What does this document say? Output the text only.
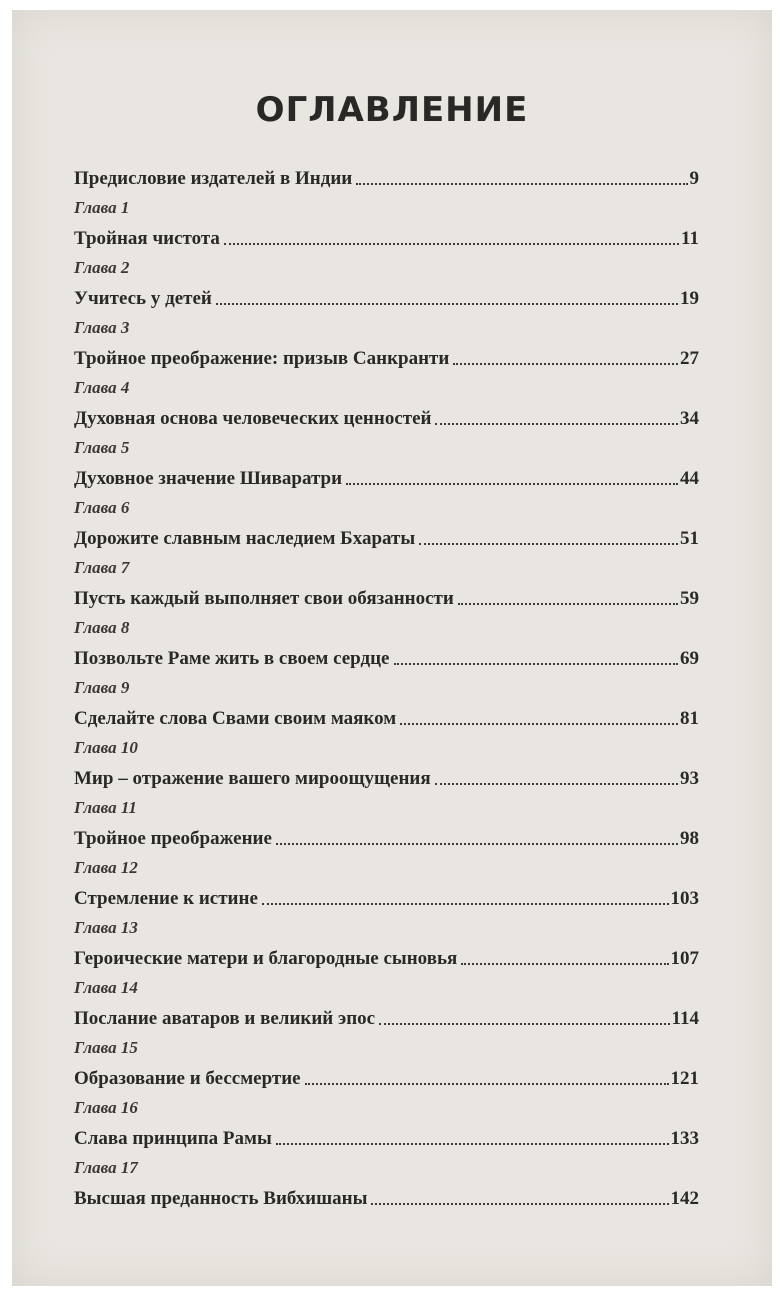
ОГЛАВЛЕНИЕ
Предисловие издателей в Индии	9
Глава 1
Тройная чистота	11
Глава 2
Учитесь у детей	19
Глава 3
Тройное преображение: призыв Санкранти	27
Глава 4
Духовная основа человеческих ценностей	34
Глава 5
Духовное значение Шиваратри	44
Глава 6
Дорожите славным наследием Бхараты	51
Глава 7
Пусть каждый выполняет свои обязанности	59
Глава 8
Позвольте Раме жить в своем сердце	69
Глава 9
Сделайте слова Свами своим маяком	81
Глава 10
Мир – отражение вашего мироощущения	93
Глава 11
Тройное преображение	98
Глава 12
Стремление к истине	103
Глава 13
Героические матери и благородные сыновья	107
Глава 14
Послание аватаров и великий эпос	114
Глава 15
Образование и бессмертие	121
Глава 16
Слава принципа Рамы	133
Глава 17
Высшая преданность Вибхишаны	142
